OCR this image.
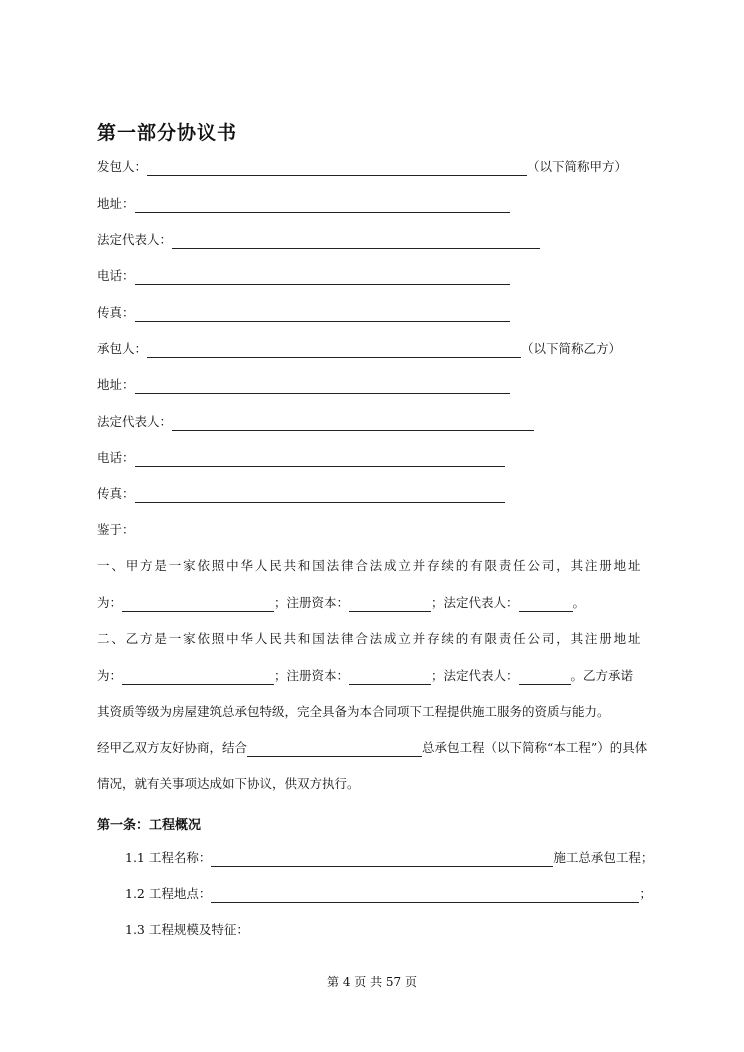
第一部分协议书
发包人：	（以下简称甲方）
地址：
法定代表人：
电话：
传真：
承包人：	（以下简称乙方）
地址：
法定代表人：
电话：
传真：
鉴于：
一、甲方是一家依照中华人民共和国法律合法成立并存续的有限责任公司，其注册地址
为：	；注册资本：	；法定代表人：	。
二、乙方是一家依照中华人民共和国法律合法成立并存续的有限责任公司，其注册地址
为：	；注册资本：	；法定代表人：	。乙方承诺
其资质等级为房屋建筑总承包特级，完全具备为本合同项下工程提供施工服务的资质与能力。
经甲乙双方友好协商，结合	总承包工程（以下简称“本工程”）的具体
情况，就有关事项达成如下协议，供双方执行。
第一条：工程概况
1.1 工程名称：	施工总承包工程；
1.2 工程地点：	；
1.3 工程规模及特征：
第 4 页 共 57 页
